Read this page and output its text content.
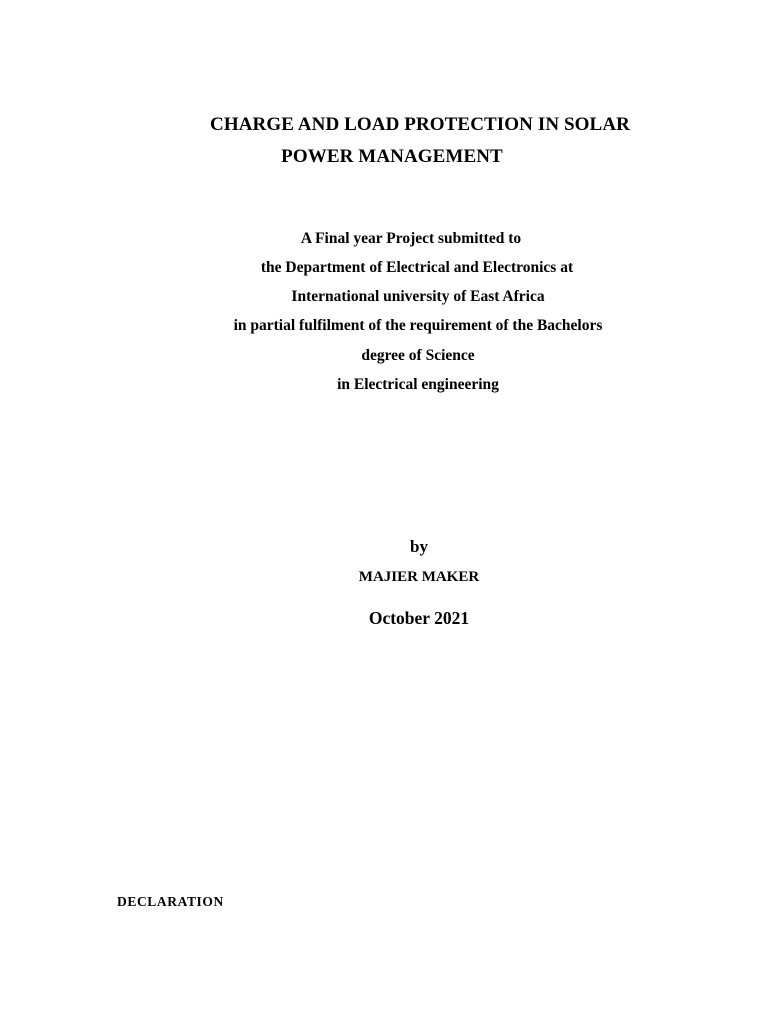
CHARGE AND LOAD PROTECTION IN SOLAR
POWER MANAGEMENT
A Final year Project submitted to
the Department of Electrical and Electronics at
International university of East Africa
in partial fulfilment of the requirement of the Bachelors
degree of Science
in Electrical engineering
by
MAJIER MAKER
October 2021
DECLARATION
